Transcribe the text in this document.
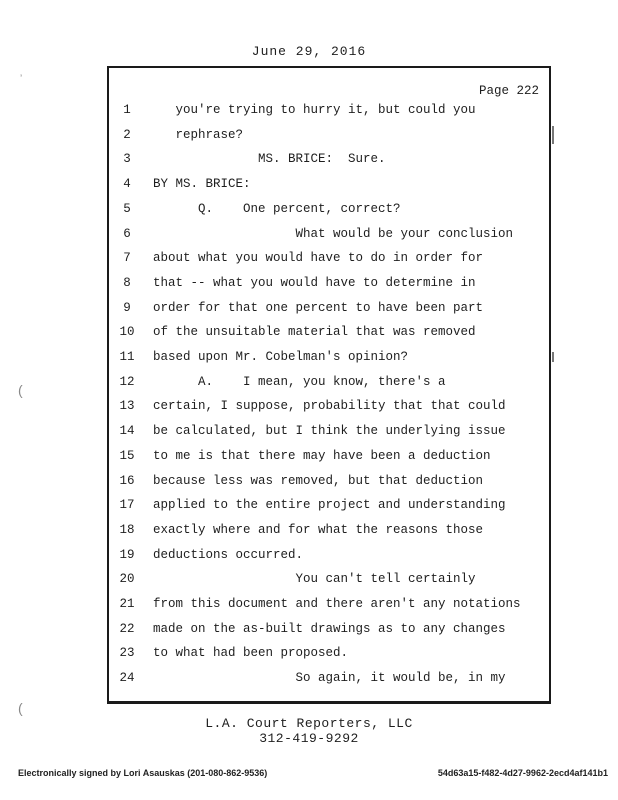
June 29, 2016
Page 222
1	you're trying to hurry it, but could you
2	rephrase?
3	MS. BRICE:  Sure.
4	BY MS. BRICE:
5	Q.    One percent, correct?
6	What would be your conclusion
7	about what you would have to do in order for
8	that -- what you would have to determine in
9	order for that one percent to have been part
10 of the unsuitable material that was removed
11 based upon Mr. Cobelman's opinion?
12 A.    I mean, you know, there's a
13 certain, I suppose, probability that that could
14 be calculated, but I think the underlying issue
15 to me is that there may have been a deduction
16 because less was removed, but that deduction
17 applied to the entire project and understanding
18 exactly where and for what the reasons those
19 deductions occurred.
20 You can't tell certainly
21 from this document and there aren't any notations
22 made on the as-built drawings as to any changes
23 to what had been proposed.
24 So again, it would be, in my
ʼ
(
(
L.A. Court Reporters, LLC
312-419-9292
Electronically signed by Lori Asauskas (201-080-862-9536)	54d63a15-f482-4d27-9962-2ecd4af141b1
